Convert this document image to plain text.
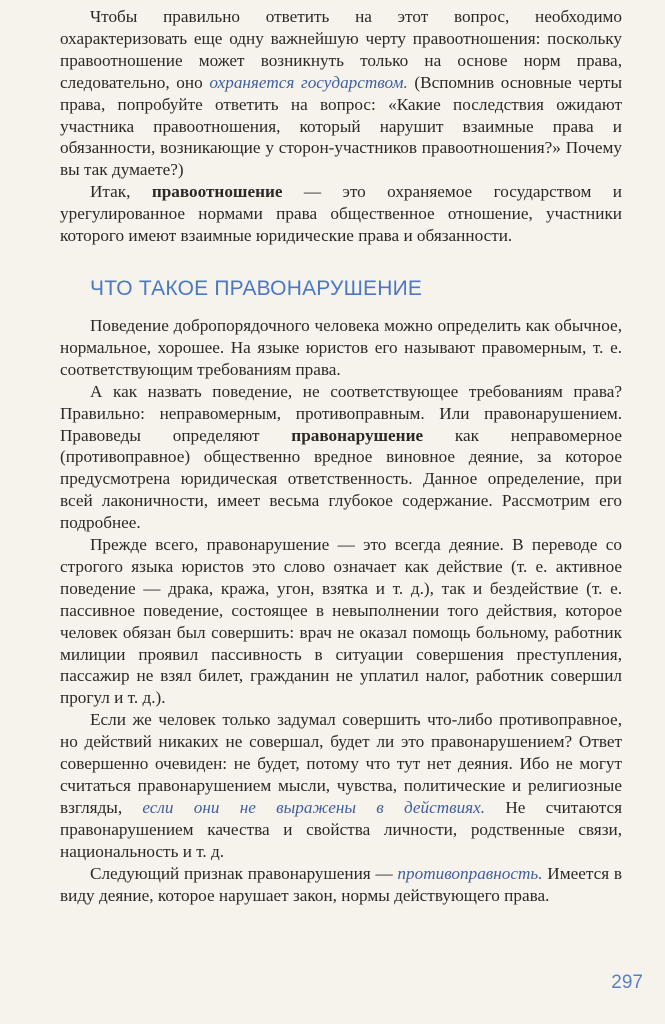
Чтобы правильно ответить на этот вопрос, необходимо охарактеризовать еще одну важнейшую черту правоотношения: поскольку правоотношение может возникнуть только на основе норм права, следовательно, оно охраняется государством. (Вспомнив основные черты права, попробуйте ответить на вопрос: «Какие последствия ожидают участника правоотношения, который нарушит взаимные права и обязанности, возникающие у сторон-участников правоотношения?» Почему вы так думаете?)

Итак, правоотношение — это охраняемое государством и урегулированное нормами права общественное отношение, участники которого имеют взаимные юридические права и обязанности.

ЧТО ТАКОЕ ПРАВОНАРУШЕНИЕ

Поведение добропорядочного человека можно определить как обычное, нормальное, хорошее. На языке юристов его называют правомерным, т. е. соответствующим требованиям права.

А как назвать поведение, не соответствующее требованиям права? Правильно: неправомерным, противоправным. Или правонарушением. Правоведы определяют правонарушение как неправомерное (противоправное) общественно вредное виновное деяние, за которое предусмотрена юридическая ответственность. Данное определение, при всей лаконичности, имеет весьма глубокое содержание. Рассмотрим его подробнее.

Прежде всего, правонарушение — это всегда деяние. В переводе со строгого языка юристов это слово означает как действие (т. е. активное поведение — драка, кража, угон, взятка и т. д.), так и бездействие (т. е. пассивное поведение, состоящее в невыполнении того действия, которое человек обязан был совершить: врач не оказал помощь больному, работник милиции проявил пассивность в ситуации совершения преступления, пассажир не взял билет, гражданин не уплатил налог, работник совершил прогул и т. д.).

Если же человек только задумал совершить что-либо противоправное, но действий никаких не совершал, будет ли это правонарушением? Ответ совершенно очевиден: не будет, потому что тут нет деяния. Ибо не могут считаться правонарушением мысли, чувства, политические и религиозные взгляды, если они не выражены в действиях. Не считаются правонарушением качества и свойства личности, родственные связи, национальность и т. д.

Следующий признак правонарушения — противоправность. Имеется в виду деяние, которое нарушает закон, нормы действующего права.

297
